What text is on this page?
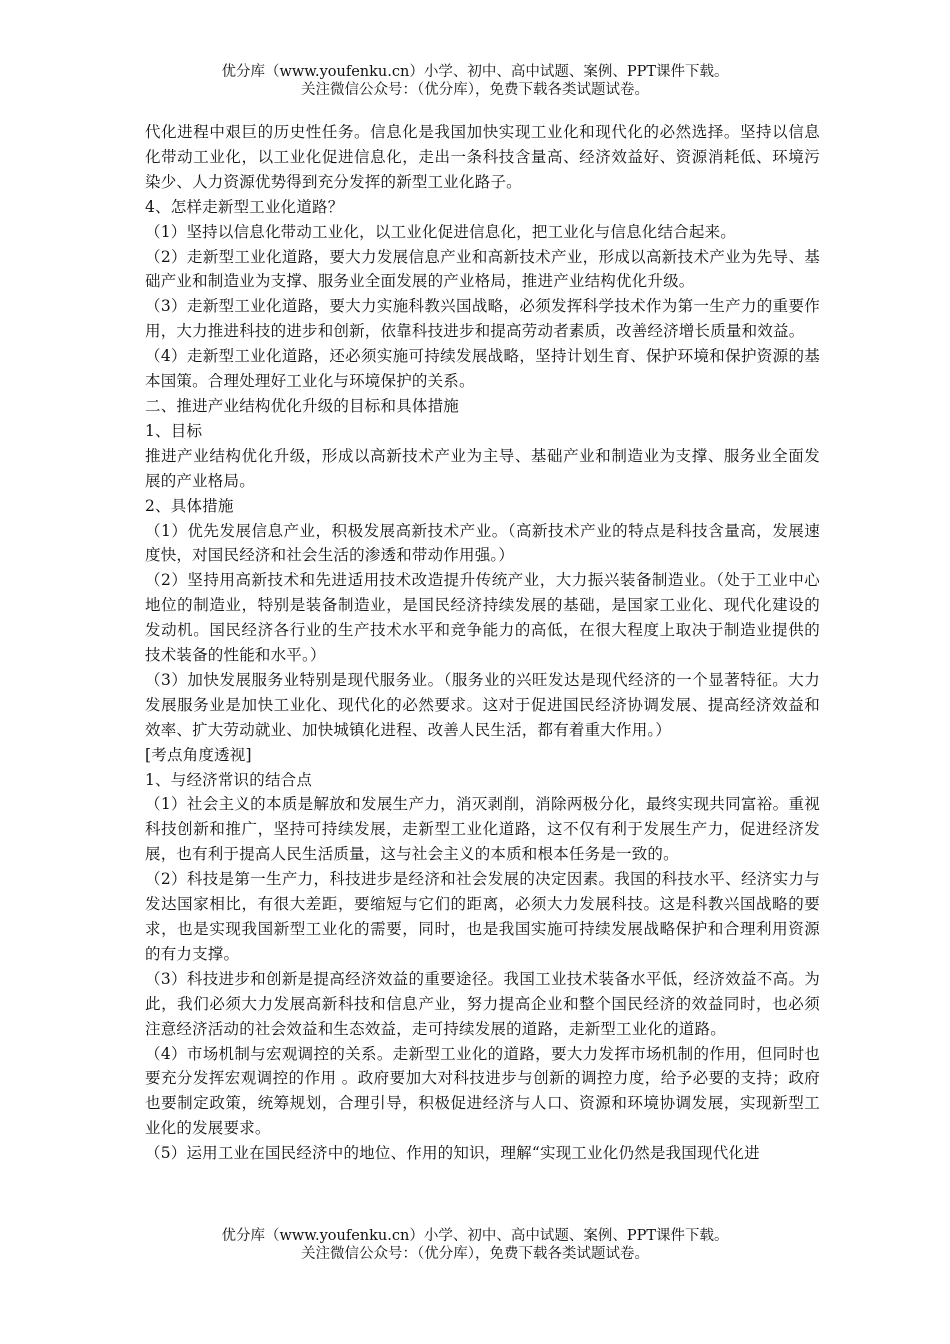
优分库（www.youfenku.cn）小学、初中、高中试题、案例、PPT课件下载。
关注微信公众号：（优分库），免费下载各类试题试卷。

代化进程中艰巨的历史性任务。信息化是我国加快实现工业化和现代化的必然选择。坚持以信息化带动工业化，以工业化促进信息化，走出一条科技含量高、经济效益好、资源消耗低、环境污染少、人力资源优势得到充分发挥的新型工业化路子。

4、怎样走新型工业化道路？

（1）坚持以信息化带动工业化，以工业化促进信息化，把工业化与信息化结合起来。

（2）走新型工业化道路，要大力发展信息产业和高新技术产业，形成以高新技术产业为先导、基础产业和制造业为支撑、服务业全面发展的产业格局，推进产业结构优化升级。

（3）走新型工业化道路，要大力实施科教兴国战略，必须发挥科学技术作为第一生产力的重要作用，大力推进科技的进步和创新，依靠科技进步和提高劳动者素质，改善经济增长质量和效益。

（4）走新型工业化道路，还必须实施可持续发展战略，坚持计划生育、保护环境和保护资源的基本国策。合理处理好工业化与环境保护的关系。

二、推进产业结构优化升级的目标和具体措施

1、目标

推进产业结构优化升级，形成以高新技术产业为主导、基础产业和制造业为支撑、服务业全面发展的产业格局。

2、具体措施

（1）优先发展信息产业，积极发展高新技术产业。（高新技术产业的特点是科技含量高，发展速度快，对国民经济和社会生活的渗透和带动作用强。）

（2）坚持用高新技术和先进适用技术改造提升传统产业，大力振兴装备制造业。（处于工业中心地位的制造业，特别是装备制造业，是国民经济持续发展的基础，是国家工业化、现代化建设的发动机。国民经济各行业的生产技术水平和竞争能力的高低，在很大程度上取决于制造业提供的技术装备的性能和水平。）

（3）加快发展服务业特别是现代服务业。（服务业的兴旺发达是现代经济的一个显著特征。大力发展服务业是加快工业化、现代化的必然要求。这对于促进国民经济协调发展、提高经济效益和效率、扩大劳动就业、加快城镇化进程、改善人民生活，都有着重大作用。）

[考点角度透视]

1、与经济常识的结合点

（1）社会主义的本质是解放和发展生产力，消灭剥削，消除两极分化，最终实现共同富裕。重视科技创新和推广，坚持可持续发展，走新型工业化道路，这不仅有利于发展生产力，促进经济发展，也有利于提高人民生活质量，这与社会主义的本质和根本任务是一致的。

（2）科技是第一生产力，科技进步是经济和社会发展的决定因素。我国的科技水平、经济实力与发达国家相比，有很大差距，要缩短与它们的距离，必须大力发展科技。这是科教兴国战略的要求，也是实现我国新型工业化的需要，同时，也是我国实施可持续发展战略保护和合理利用资源的有力支撑。

（3）科技进步和创新是提高经济效益的重要途径。我国工业技术装备水平低，经济效益不高。为此，我们必须大力发展高新科技和信息产业，努力提高企业和整个国民经济的效益同时，也必须注意经济活动的社会效益和生态效益，走可持续发展的道路，走新型工业化的道路。

（4）市场机制与宏观调控的关系。走新型工业化的道路，要大力发挥市场机制的作用，但同时也要充分发挥宏观调控的作用 。政府要加大对科技进步与创新的调控力度，给予必要的支持；政府也要制定政策，统筹规划，合理引导，积极促进经济与人口、资源和环境协调发展，实现新型工业化的发展要求。

（5）运用工业在国民经济中的地位、作用的知识，理解“实现工业化仍然是我国现代化进

优分库（www.youfenku.cn）小学、初中、高中试题、案例、PPT课件下载。
关注微信公众号：（优分库），免费下载各类试题试卷。
